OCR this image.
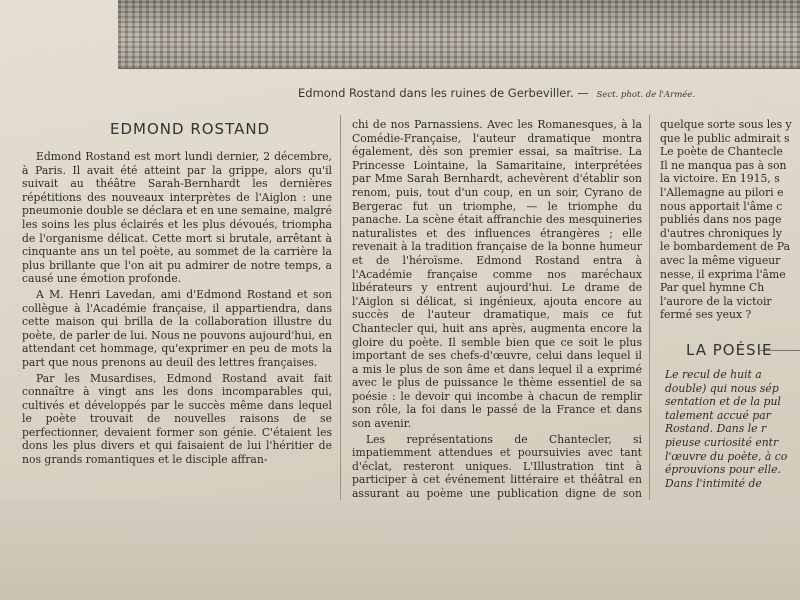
Edmond Rostand dans les ruines de Gerbeviller. — Sect. phot. de l'Armée.
EDMOND ROSTAND

Edmond Rostand est mort lundi dernier, 2 décembre, à Paris. Il avait été atteint par la grippe, alors qu'il suivait au théâtre Sarah-Bernhardt les dernières répétitions des nouveaux interprètes de l'Aiglon : une pneumonie double se déclara et en une semaine, malgré les soins les plus éclairés et les plus dévoués, triompha de l'organisme délicat. Cette mort si brutale, arrêtant à cinquante ans un tel poète, au sommet de la carrière la plus brillante que l'on ait pu admirer de notre temps, a causé une émotion profonde.

A M. Henri Lavedan, ami d'Edmond Rostand et son collègue à l'Académie française, il appartiendra, dans cette maison qui brilla de la collaboration illustre du poète, de parler de lui. Nous ne pouvons aujourd'hui, en attendant cet hommage, qu'exprimer en peu de mots la part que nous prenons au deuil des lettres françaises.

Par les Musardises, Edmond Rostand avait fait connaître à vingt ans les dons incomparables qui, cultivés et développés par le succès même dans lequel le poète trouvait de nouvelles raisons de se perfectionner, devaient former son génie. C'étaient les dons les plus divers et qui faisaient de lui l'héritier de nos grands romantiques et le disciple affran-

chi de nos Parnassiens. Avec les Romanesques, à la Comédie-Française, l'auteur dramatique montra également, dès son premier essai, sa maîtrise. La Princesse Lointaine, la Samaritaine, interprétées par Mme Sarah Bernhardt, achevèrent d'établir son renom, puis, tout d'un coup, en un soir, Cyrano de Bergerac fut un triomphe, — le triomphe du panache. La scène était affranchie des mesquineries naturalistes et des influences étrangères ; elle revenait à la tradition française de la bonne humeur et de l'héroïsme. Edmond Rostand entra à l'Académie française comme nos maréchaux libérateurs y entrent aujourd'hui. Le drame de l'Aiglon si délicat, si ingénieux, ajouta encore au succès de l'auteur dramatique, mais ce fut Chantecler qui, huit ans après, augmenta encore la gloire du poète. Il semble bien que ce soit le plus important de ses chefs-d'œuvre, celui dans lequel il a mis le plus de son âme et dans lequel il a exprimé avec le plus de puissance le thème essentiel de sa poésie : le devoir qui incombe à chacun de remplir son rôle, la foi dans le passé de la France et dans son avenir.

Les représentations de Chantecler, si impatiemment attendues et poursuivies avec tant d'éclat, resteront uniques. L'Illustration tint à participer à cet événement littéraire et théâtral en assurant au poème une publication digne de son

quelque sorte sous les y
que le public admirait s
Le poète de Chantecle
Il ne manqua pas à son
la victoire. En 1915, s
l'Allemagne au pilori e
nous apportait l'âme c
publiés dans nos page
d'autres chroniques ly
le bombardement de Pa
avec la même vigueur
nesse, il exprima l'âme
Par quel hymne Ch
l'aurore de la victoir
fermé ses yeux ?

LA POÉSIE
Le recul de huit a
double) qui nous sép
sentation et de la pul
talement accué par
Rostand. Dans le r
pieuse curiosité entr
l'œuvre du poète, à co
éprouvions pour elle.
Dans l'intimité de
